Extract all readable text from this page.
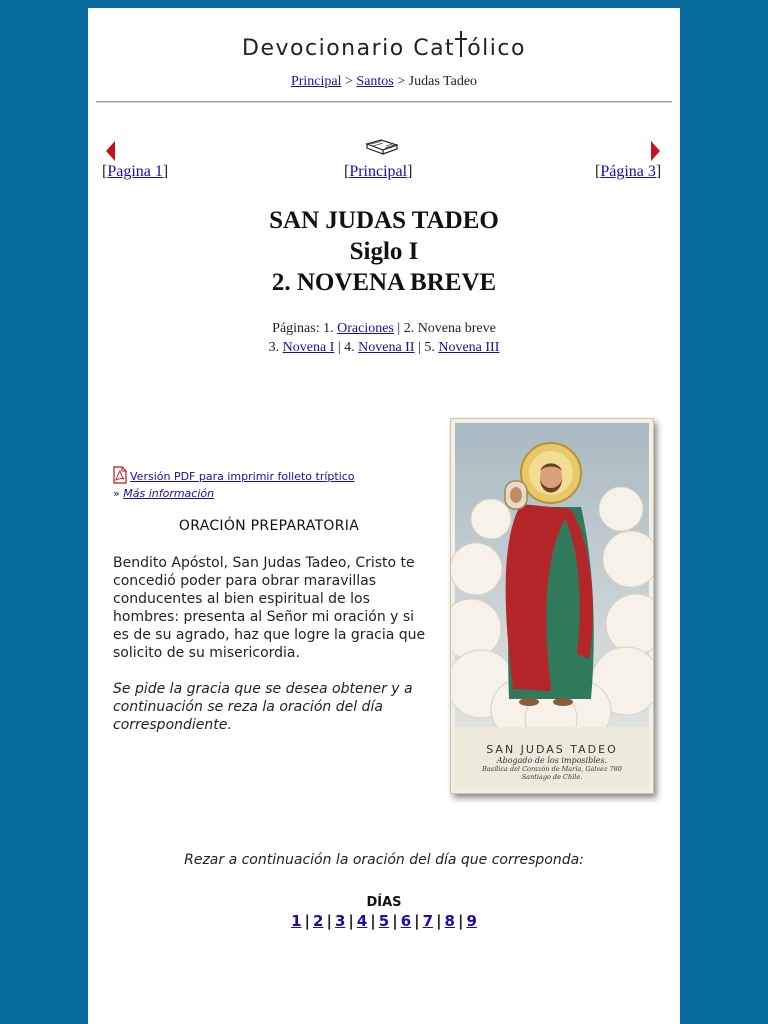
Devocionario Cat ólico
Principal > Santos > Judas Tadeo
[Pagina 1]	[Principal]	[Página 3]
SAN JUDAS TADEO
Siglo I
2. NOVENA BREVE
Páginas: 1. Oraciones | 2. Novena breve
3. Novena I | 4. Novena II | 5. Novena III
Versión PDF para imprimir folleto tríptico
» Más información
ORACIÓN PREPARATORIA
Bendito Apóstol, San Judas Tadeo, Cristo te concedió poder para obrar maravillas conducentes al bien espiritual de los hombres: presenta al Señor mi oración y si es de su agrado, haz que logre la gracia que solicito de su misericordia.
Se pide la gracia que se desea obtener y a continuación se reza la oración del día correspondiente.
SAN JUDAS TADEO
Abogado de los imposibles.
Basílica del Corazón de María, Galvez 780
Santiago de Chile.
Rezar a continuación la oración del día que corresponda:
DÍAS
1 | 2 | 3 | 4 | 5 | 6 | 7 | 8 | 9
